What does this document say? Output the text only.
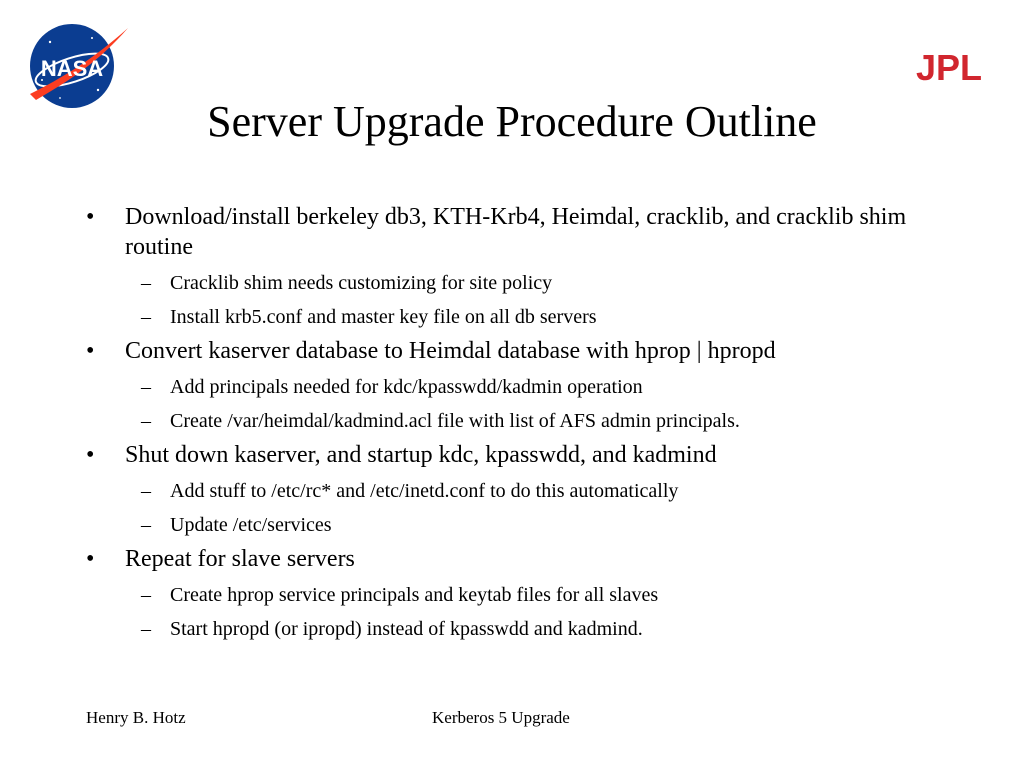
NASA	JPL
Server Upgrade Procedure Outline
• Download/install berkeley db3, KTH-Krb4, Heimdal, cracklib, and cracklib shim routine
– Cracklib shim needs customizing for site policy
– Install krb5.conf and master key file on all db servers
• Convert kaserver database to Heimdal database with hprop | hpropd
– Add principals needed for kdc/kpasswdd/kadmin operation
– Create /var/heimdal/kadmind.acl file with list of AFS admin principals.
• Shut down kaserver, and startup kdc, kpasswdd, and kadmind
– Add stuff to /etc/rc* and /etc/inetd.conf to do this automatically
– Update /etc/services
• Repeat for slave servers
– Create hprop service principals and keytab files for all slaves
– Start hpropd (or ipropd) instead of kpasswdd and kadmind.
Henry B. Hotz	Kerberos 5 Upgrade
